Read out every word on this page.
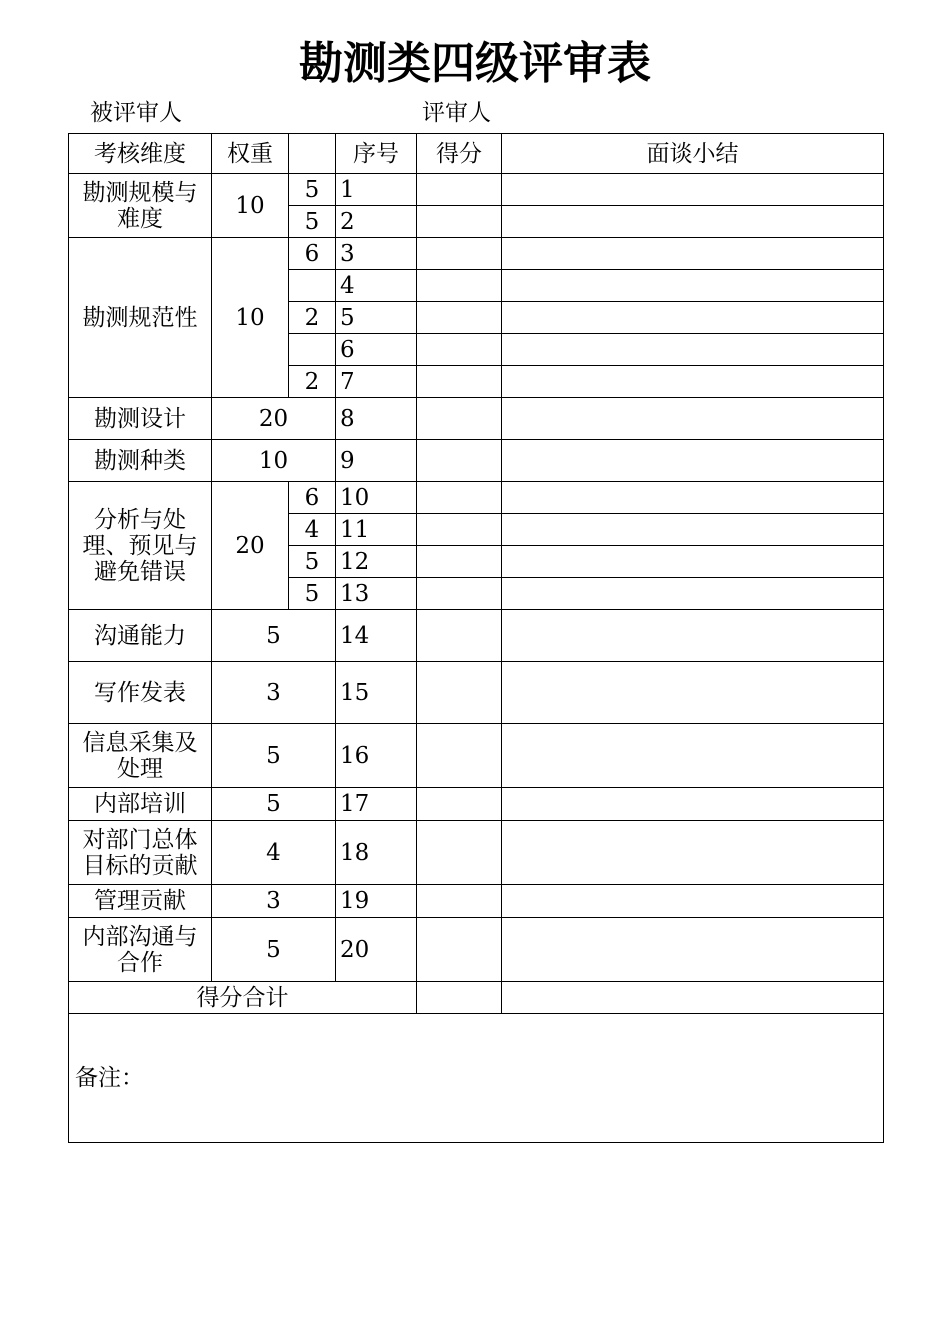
勘测类四级评审表
被评审人	评审人
考核维度	权重		序号	得分	面谈小结
勘测规模与难度	10	5	1		
		5	2		
勘测规范性	10	6	3		
			4		
		2	5		
			6		
		2	7		
勘测设计	20		8		
勘测种类	10		9		
分析与处理、预见与避免错误	20	6	10		
		4	11		
		5	12		
		5	13		
沟通能力	5		14		
写作发表	3		15		
信息采集及处理	5		16		
内部培训	5		17		
对部门总体目标的贡献	4		18		
管理贡献	3		19		
内部沟通与合作	5		20		
得分合计					
备注：					
